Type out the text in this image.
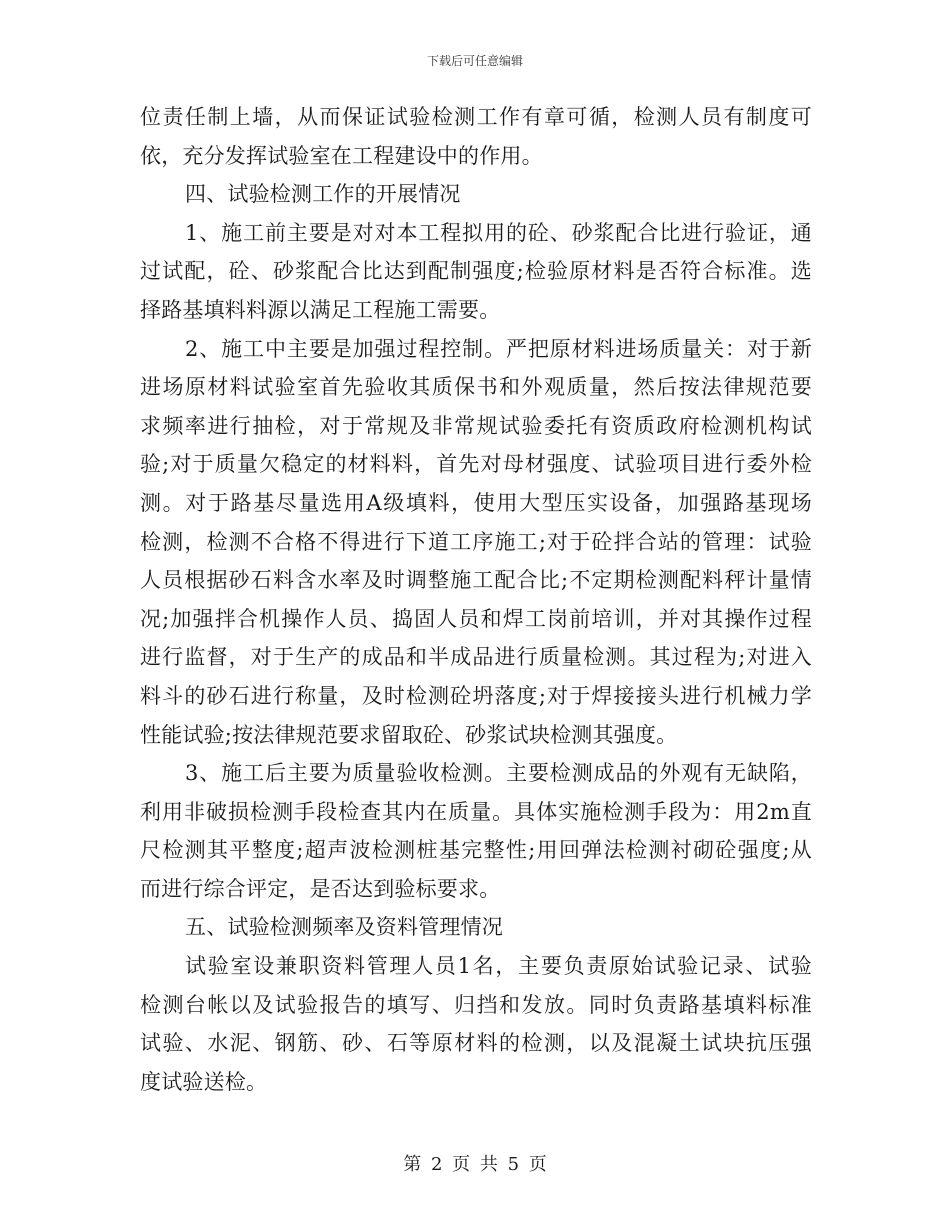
下载后可任意编辑
位责任制上墙，从而保证试验检测工作有章可循，检测人员有制度可
依，充分发挥试验室在工程建设中的作用。
四、试验检测工作的开展情况
1、施工前主要是对对本工程拟用的砼、砂浆配合比进行验证，通
过试配，砼、砂浆配合比达到配制强度;检验原材料是否符合标准。选
择路基填料料源以满足工程施工需要。
2、施工中主要是加强过程控制。严把原材料进场质量关：对于新
进场原材料试验室首先验收其质保书和外观质量，然后按法律规范要
求频率进行抽检，对于常规及非常规试验委托有资质政府检测机构试
验;对于质量欠稳定的材料料，首先对母材强度、试验项目进行委外检
测。对于路基尽量选用A级填料，使用大型压实设备，加强路基现场
检测，检测不合格不得进行下道工序施工;对于砼拌合站的管理：试验
人员根据砂石料含水率及时调整施工配合比;不定期检测配料秤计量情
况;加强拌合机操作人员、捣固人员和焊工岗前培训，并对其操作过程
进行监督，对于生产的成品和半成品进行质量检测。其过程为;对进入
料斗的砂石进行称量，及时检测砼坍落度;对于焊接接头进行机械力学
性能试验;按法律规范要求留取砼、砂浆试块检测其强度。
3、施工后主要为质量验收检测。主要检测成品的外观有无缺陷，
利用非破损检测手段检查其内在质量。具体实施检测手段为：用2m直
尺检测其平整度;超声波检测桩基完整性;用回弹法检测衬砌砼强度;从
而进行综合评定，是否达到验标要求。
五、试验检测频率及资料管理情况
试验室设兼职资料管理人员1名，主要负责原始试验记录、试验
检测台帐以及试验报告的填写、归挡和发放。同时负责路基填料标准
试验、水泥、钢筋、砂、石等原材料的检测，以及混凝土试块抗压强
度试验送检。
第 2 页 共 5 页
